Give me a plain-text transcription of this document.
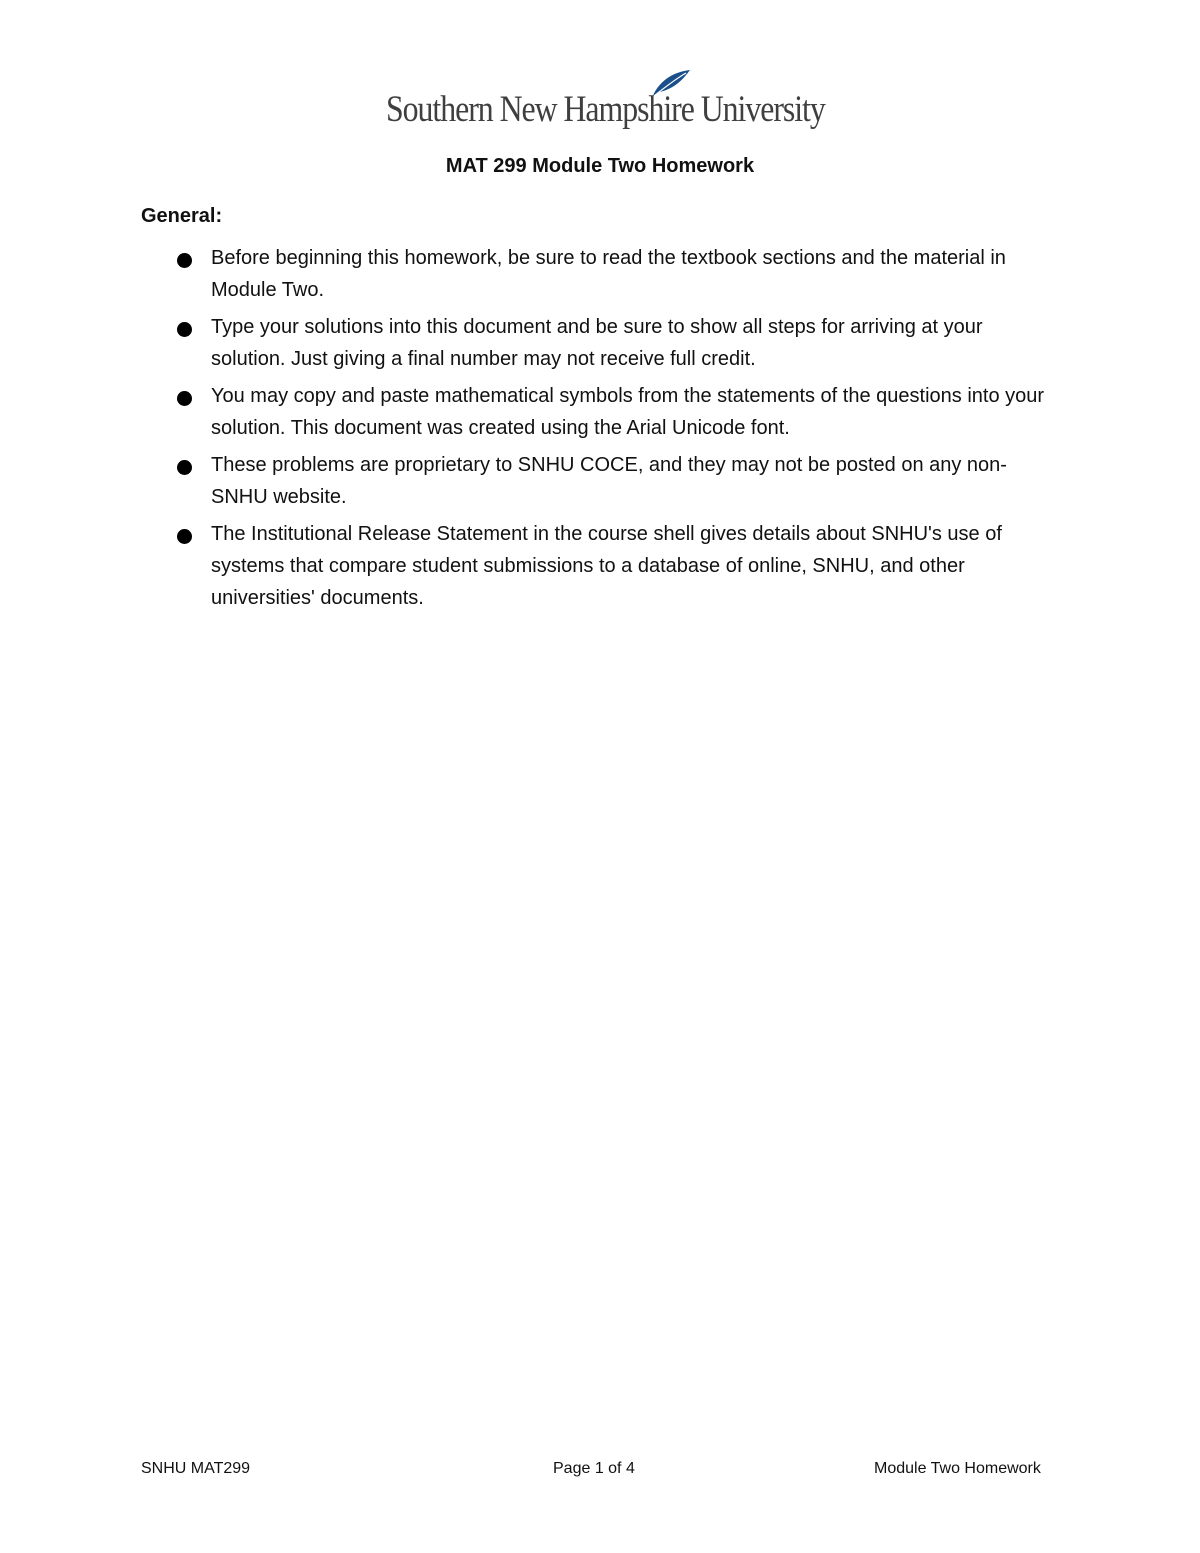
Southern New Hampshire University
MAT 299 Module Two Homework
General:
Before beginning this homework, be sure to read the textbook sections and the material in Module Two.
Type your solutions into this document and be sure to show all steps for arriving at your solution. Just giving a final number may not receive full credit.
You may copy and paste mathematical symbols from the statements of the questions into your solution. This document was created using the Arial Unicode font.
These problems are proprietary to SNHU COCE, and they may not be posted on any non-SNHU website.
The Institutional Release Statement in the course shell gives details about SNHU's use of systems that compare student submissions to a database of online, SNHU, and other universities' documents.
SNHU MAT299	Page 1 of 4	Module Two Homework
